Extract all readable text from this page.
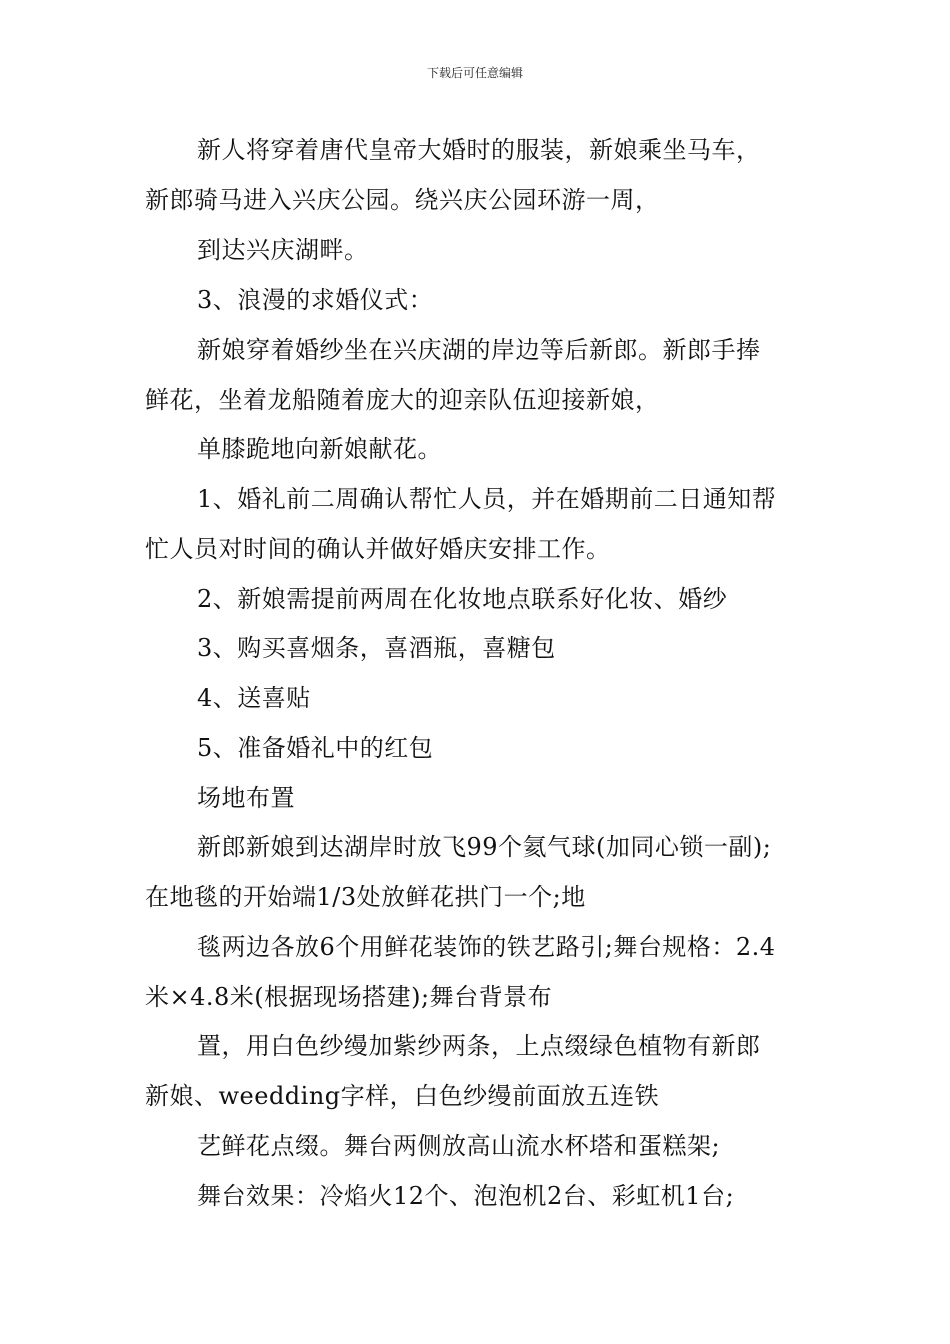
下载后可任意编辑
新人将穿着唐代皇帝大婚时的服装，新娘乘坐马车，
新郎骑马进入兴庆公园。绕兴庆公园环游一周，
到达兴庆湖畔。
3、浪漫的求婚仪式：
新娘穿着婚纱坐在兴庆湖的岸边等后新郎。新郎手捧
鲜花，坐着龙船随着庞大的迎亲队伍迎接新娘，
单膝跪地向新娘献花。
1、婚礼前二周确认帮忙人员，并在婚期前二日通知帮
忙人员对时间的确认并做好婚庆安排工作。
2、新娘需提前两周在化妆地点联系好化妆、婚纱
3、购买喜烟条，喜酒瓶，喜糖包
4、送喜贴
5、准备婚礼中的红包
场地布置
新郎新娘到达湖岸时放飞99个氦气球(加同心锁一副);
在地毯的开始端1/3处放鲜花拱门一个;地
毯两边各放6个用鲜花装饰的铁艺路引;舞台规格：2.4
米×4.8米(根据现场搭建);舞台背景布
置，用白色纱缦加紫纱两条，上点缀绿色植物有新郎
新娘、weedding字样，白色纱缦前面放五连铁
艺鲜花点缀。舞台两侧放高山流水杯塔和蛋糕架;
舞台效果：冷焰火12个、泡泡机2台、彩虹机1台;
